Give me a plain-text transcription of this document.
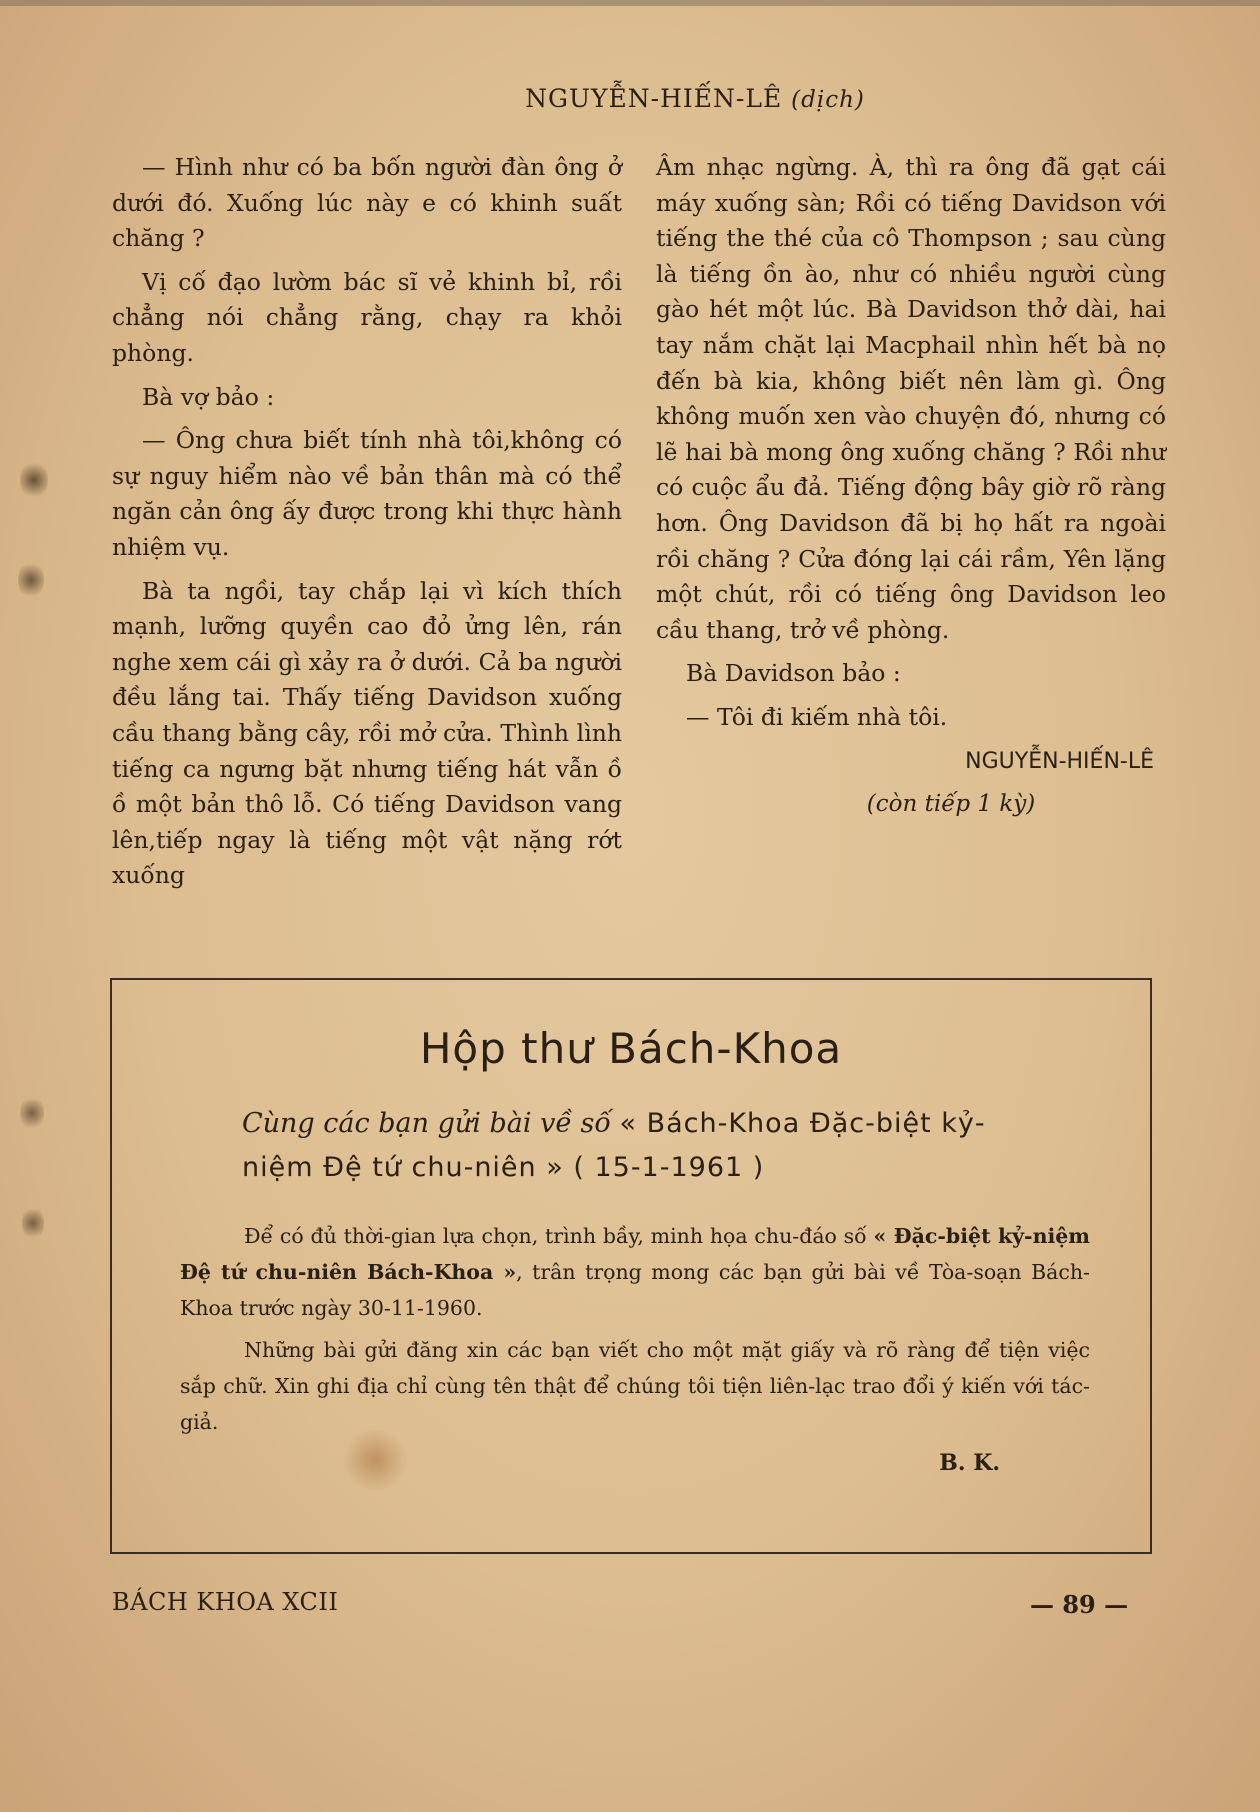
NGUYỄN-HIẾN-LÊ (dịch)

— Hình như có ba bốn người đàn ông ở dưới đó. Xuống lúc này e có khinh suất chăng ?

Vị cố đạo lườm bác sĩ vẻ khinh bỉ, rồi chẳng nói chẳng rằng, chạy ra khỏi phòng.

Bà vợ bảo :

— Ông chưa biết tính nhà tôi,không có sự nguy hiểm nào về bản thân mà có thể ngăn cản ông ấy được trong khi thực hành nhiệm vụ.

Bà ta ngồi, tay chắp lại vì kích thích mạnh, lưỡng quyền cao đỏ ửng lên, rán nghe xem cái gì xảy ra ở dưới. Cả ba người đều lắng tai. Thấy tiếng Davidson xuống cầu thang bằng cây, rồi mở cửa. Thình lình tiếng ca ngưng bặt nhưng tiếng hát vẫn ồ ồ một bản thô lỗ. Có tiếng Davidson vang lên,tiếp ngay là tiếng một vật nặng rớt xuống

Âm nhạc ngừng. À, thì ra ông đã gạt cái máy xuống sàn; Rồi có tiếng Davidson với tiếng the thé của cô Thompson ; sau cùng là tiếng ồn ào, như có nhiều người cùng gào hét một lúc. Bà Davidson thở dài, hai tay nắm chặt lại Macphail nhìn hết bà nọ đến bà kia, không biết nên làm gì. Ông không muốn xen vào chuyện đó, nhưng có lẽ hai bà mong ông xuống chăng ? Rồi như có cuộc ẩu đả. Tiếng động bây giờ rõ ràng hơn. Ông Davidson đã bị họ hất ra ngoài rồi chăng ? Cửa đóng lại cái rầm, Yên lặng một chút, rồi có tiếng ông Davidson leo cầu thang, trở về phòng.

Bà Davidson bảo :

— Tôi đi kiếm nhà tôi.

NGUYỄN-HIẾN-LÊ

(còn tiếp 1 kỳ)

Hộp thư Bách-Khoa
Cùng các bạn gửi bài về số « Bách-Khoa Đặc-biệt kỷ-niệm Đệ tứ chu-niên » ( 15-1-1961 )

Để có đủ thời-gian lựa chọn, trình bầy, minh họa chu-đáo số « Đặc-biệt kỷ-niệm Đệ tứ chu-niên Bách-Khoa », trân trọng mong các bạn gửi bài về Tòa-soạn Bách-Khoa trước ngày 30-11-1960.

Những bài gửi đăng xin các bạn viết cho một mặt giấy và rõ ràng để tiện việc sắp chữ. Xin ghi địa chỉ cùng tên thật để chúng tôi tiện liên-lạc trao đổi ý kiến với tác-giả.

B. K.
BÁCH KHOA XCII	— 89 —
